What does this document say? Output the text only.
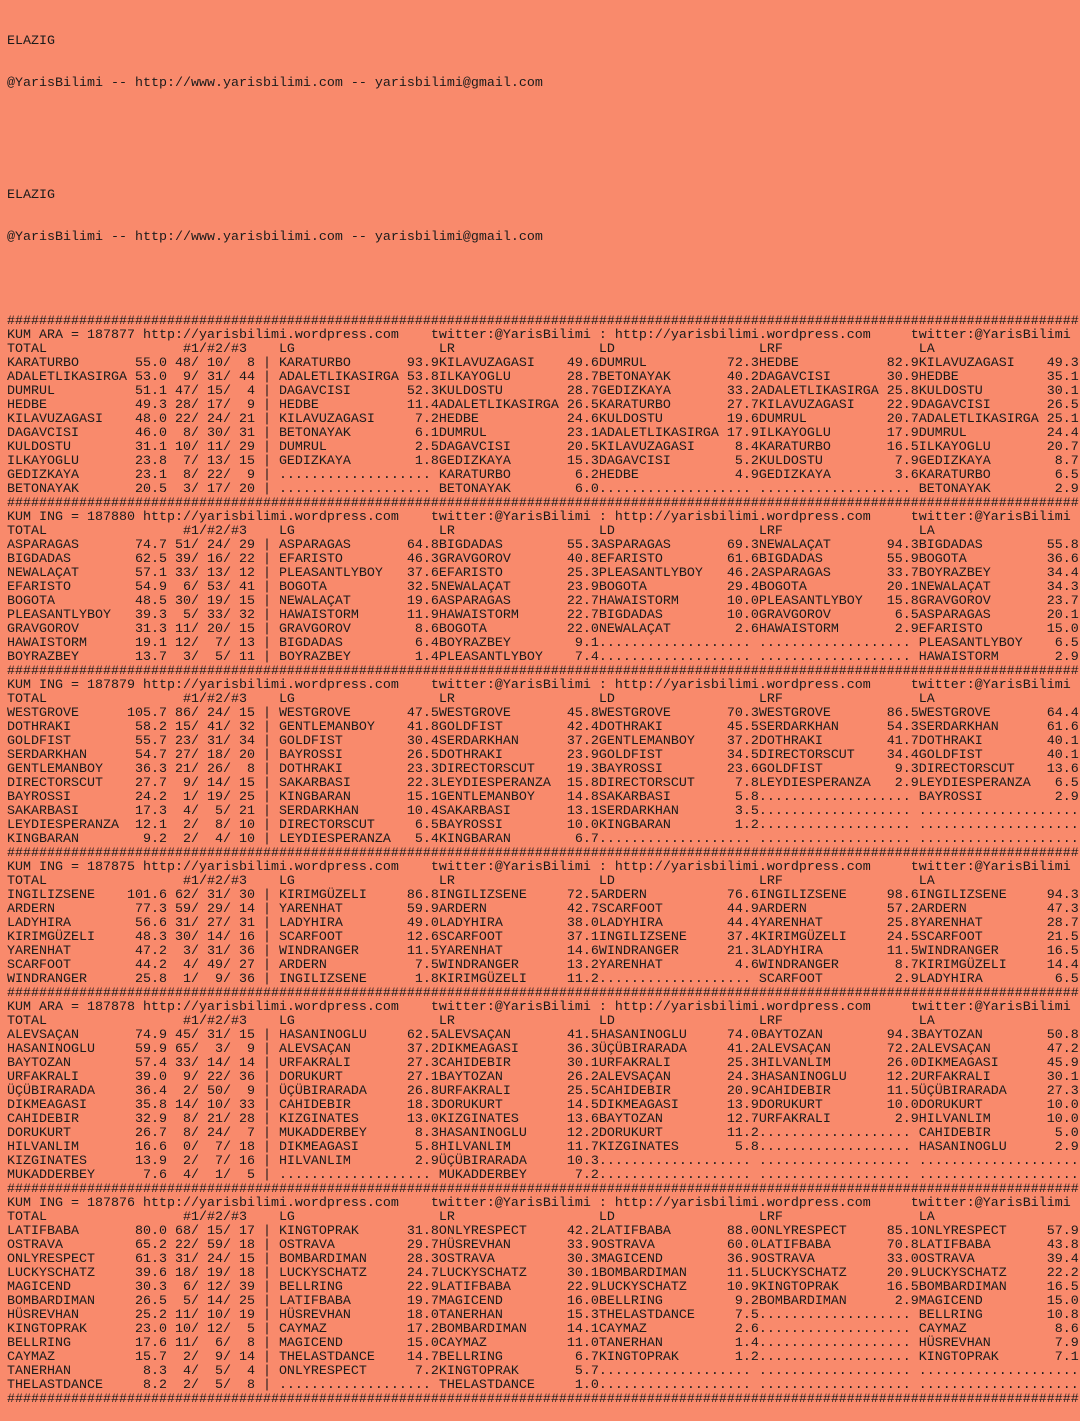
ELAZIG

@YarisBilimi -- http://www.yarisbilimi.com -- yarisbilimi@gmail.com

ELAZIG

@YarisBilimi -- http://www.yarisbilimi.com -- yarisbilimi@gmail.com

######################################################################################################################################
KUM ARA = 187877 http://yarisbilimi.wordpress.com    twitter:@YarisBilimi : http://yarisbilimi.wordpress.com     twitter:@YarisBilimi
TOTAL                 #1/#2/#3    LG                  LR                  LD                  LRF                 LA
KARATURBO       55.0 48/ 10/  8 | KARATURBO       93.9KILAVUZAGASI    49.6DUMRUL          72.3HEDBE           82.9KILAVUZAGASI    49.3
ADALETLIKASIRGA 53.0  9/ 31/ 44 | ADALETLIKASIRGA 53.8ILKAYOGLU       28.7BETONAYAK       40.2DAGAVCISI       30.9HEDBE           35.1
DUMRUL          51.1 47/ 15/  4 | DAGAVCISI       52.3KULDOSTU        28.7GEDIZKAYA       33.2ADALETLIKASIRGA 25.8KULDOSTU        30.1
HEDBE           49.3 28/ 17/  9 | HEDBE           11.4ADALETLIKASIRGA 26.5KARATURBO       27.7KILAVUZAGASI    22.9DAGAVCISI       26.5
KILAVUZAGASI    48.0 22/ 24/ 21 | KILAVUZAGASI     7.2HEDBE           24.6KULDOSTU        19.6DUMRUL          20.7ADALETLIKASIRGA 25.1
DAGAVCISI       46.0  8/ 30/ 31 | BETONAYAK        6.1DUMRUL          23.1ADALETLIKASIRGA 17.9ILKAYOGLU       17.9DUMRUL          24.4
KULDOSTU        31.1 10/ 11/ 29 | DUMRUL           2.5DAGAVCISI       20.5KILAVUZAGASI     8.4KARATURBO       16.5ILKAYOGLU       20.7
ILKAYOGLU       23.8  7/ 13/ 15 | GEDIZKAYA        1.8GEDIZKAYA       15.3DAGAVCISI        5.2KULDOSTU         7.9GEDIZKAYA        8.7
GEDIZKAYA       23.1  8/ 22/  9 | ................... KARATURBO        6.2HEDBE            4.9GEDIZKAYA        3.6KARATURBO        6.5
BETONAYAK       20.5  3/ 17/ 20 | ................... BETONAYAK        6.0................... ................... BETONAYAK        2.9
######################################################################################################################################
KUM ING = 187880 http://yarisbilimi.wordpress.com    twitter:@YarisBilimi : http://yarisbilimi.wordpress.com     twitter:@YarisBilimi
TOTAL                 #1/#2/#3    LG                  LR                  LD                  LRF                 LA
ASPARAGAS       74.7 51/ 24/ 29 | ASPARAGAS       64.8BIGDADAS        55.3ASPARAGAS       69.3NEWALAÇAT       94.3BIGDADAS        55.8
BIGDADAS        62.5 39/ 16/ 22 | EFARISTO        46.3GRAVGOROV       40.8EFARISTO        61.6BIGDADAS        55.9BOGOTA          36.6
NEWALAÇAT       57.1 33/ 13/ 12 | PLEASANTLYBOY   37.6EFARISTO        25.3PLEASANTLYBOY   46.2ASPARAGAS       33.7BOYRAZBEY       34.4
EFARISTO        54.9  6/ 53/ 41 | BOGOTA          32.5NEWALAÇAT       23.9BOGOTA          29.4BOGOTA          20.1NEWALAÇAT       34.3
BOGOTA          48.5 30/ 19/ 15 | NEWALAÇAT       19.6ASPARAGAS       22.7HAWAISTORM      10.0PLEASANTLYBOY   15.8GRAVGOROV       23.7
PLEASANTLYBOY   39.3  5/ 33/ 32 | HAWAISTORM      11.9HAWAISTORM      22.7BIGDADAS        10.0GRAVGOROV        6.5ASPARAGAS       20.1
GRAVGOROV       31.3 11/ 20/ 15 | GRAVGOROV        8.6BOGOTA          22.0NEWALAÇAT        2.6HAWAISTORM       2.9EFARISTO        15.0
HAWAISTORM      19.1 12/  7/ 13 | BIGDADAS         6.4BOYRAZBEY        9.1................... ................... PLEASANTLYBOY    6.5
BOYRAZBEY       13.7  3/  5/ 11 | BOYRAZBEY        1.4PLEASANTLYBOY    7.4................... ................... HAWAISTORM       2.9
######################################################################################################################################
KUM ING = 187879 http://yarisbilimi.wordpress.com    twitter:@YarisBilimi : http://yarisbilimi.wordpress.com     twitter:@YarisBilimi
TOTAL                 #1/#2/#3    LG                  LR                  LD                  LRF                 LA
WESTGROVE      105.7 86/ 24/ 15 | WESTGROVE       47.5WESTGROVE       45.8WESTGROVE       70.3WESTGROVE       86.5WESTGROVE       64.4
DOTHRAKI        58.2 15/ 41/ 32 | GENTLEMANBOY    41.8GOLDFIST        42.4DOTHRAKI        45.5SERDARKHAN      54.3SERDARKHAN      61.6
GOLDFIST        55.7 23/ 31/ 34 | GOLDFIST        30.4SERDARKHAN      37.2GENTLEMANBOY    37.2DOTHRAKI        41.7DOTHRAKI        40.1
SERDARKHAN      54.7 27/ 18/ 20 | BAYROSSI        26.5DOTHRAKI        23.9GOLDFIST        34.5DIRECTORSCUT    34.4GOLDFIST        40.1
GENTLEMANBOY    36.3 21/ 26/  8 | DOTHRAKI        23.3DIRECTORSCUT    19.3BAYROSSI        23.6GOLDFIST         9.3DIRECTORSCUT    13.6
DIRECTORSCUT    27.7  9/ 14/ 15 | SAKARBASI       22.3LEYDIESPERANZA  15.8DIRECTORSCUT     7.8LEYDIESPERANZA   2.9LEYDIESPERANZA   6.5
BAYROSSI        24.2  1/ 19/ 25 | KINGBARAN       15.1GENTLEMANBOY    14.8SAKARBASI        5.8................... BAYROSSI         2.9
SAKARBASI       17.3  4/  5/ 21 | SERDARKHAN      10.4SAKARBASI       13.1SERDARKHAN       3.5................... ....................
LEYDIESPERANZA  12.1  2/  8/ 10 | DIRECTORSCUT     6.5BAYROSSI        10.0KINGBARAN        1.2................... ....................
KINGBARAN        9.2  2/  4/ 10 | LEYDIESPERANZA   5.4KINGBARAN        6.7................... ................... ....................
######################################################################################################################################
KUM ING = 187875 http://yarisbilimi.wordpress.com    twitter:@YarisBilimi : http://yarisbilimi.wordpress.com     twitter:@YarisBilimi
TOTAL                 #1/#2/#3    LG                  LR                  LD                  LRF                 LA
INGILIZSENE    101.6 62/ 31/ 30 | KIRIMGÜZELI     86.8INGILIZSENE     72.5ARDERN          76.6INGILIZSENE     98.6INGILIZSENE     94.3
ARDERN          77.3 59/ 29/ 14 | YARENHAT        59.9ARDERN          42.7SCARFOOT        44.9ARDERN          57.2ARDERN          47.3
LADYHIRA        56.6 31/ 27/ 31 | LADYHIRA        49.0LADYHIRA        38.0LADYHIRA        44.4YARENHAT        25.8YARENHAT        28.7
KIRIMGÜZELI     48.3 30/ 14/ 16 | SCARFOOT        12.6SCARFOOT        37.1INGILIZSENE     37.4KIRIMGÜZELI     24.5SCARFOOT        21.5
YARENHAT        47.2  3/ 31/ 36 | WINDRANGER      11.5YARENHAT        14.6WINDRANGER      21.3LADYHIRA        11.5WINDRANGER      16.5
SCARFOOT        44.2  4/ 49/ 27 | ARDERN           7.5WINDRANGER      13.2YARENHAT         4.6WINDRANGER       8.7KIRIMGÜZELI     14.4
WINDRANGER      25.8  1/  9/ 36 | INGILIZSENE      1.8KIRIMGÜZELI     11.2................... SCARFOOT         2.9LADYHIRA         6.5
######################################################################################################################################
KUM ARA = 187878 http://yarisbilimi.wordpress.com    twitter:@YarisBilimi : http://yarisbilimi.wordpress.com     twitter:@YarisBilimi
TOTAL                 #1/#2/#3    LG                  LR                  LD                  LRF                 LA
ALEVSAÇAN       74.9 45/ 31/ 15 | HASANINOGLU     62.5ALEVSAÇAN       41.5HASANINOGLU     74.0BAYTOZAN        94.3BAYTOZAN        50.8
HASANINOGLU     59.9 65/  3/  9 | ALEVSAÇAN       37.2DIKMEAGASI      36.3ÜÇÜBIRARADA     41.2ALEVSAÇAN       72.2ALEVSAÇAN       47.2
BAYTOZAN        57.4 33/ 14/ 14 | URFAKRALI       27.3CAHIDEBIR       30.1URFAKRALI       25.3HILVANLIM       26.0DIKMEAGASI      45.9
URFAKRALI       39.0  9/ 22/ 36 | DORUKURT        27.1BAYTOZAN        26.2ALEVSAÇAN       24.3HASANINOGLU     12.2URFAKRALI       30.1
ÜÇÜBIRARADA     36.4  2/ 50/  9 | ÜÇÜBIRARADA     26.8URFAKRALI       25.5CAHIDEBIR       20.9CAHIDEBIR       11.5ÜÇÜBIRARADA     27.3
DIKMEAGASI      35.8 14/ 10/ 33 | CAHIDEBIR       18.3DORUKURT        14.5DIKMEAGASI      13.9DORUKURT        10.0DORUKURT        10.0
CAHIDEBIR       32.9  8/ 21/ 28 | KIZGINATES      13.0KIZGINATES      13.6BAYTOZAN        12.7URFAKRALI        2.9HILVANLIM       10.0
DORUKURT        26.7  8/ 24/  7 | MUKADDERBEY      8.3HASANINOGLU     12.2DORUKURT        11.2................... CAHIDEBIR        5.0
HILVANLIM       16.6  0/  7/ 18 | DIKMEAGASI       5.8HILVANLIM       11.7KIZGINATES       5.8................... HASANINOGLU      2.9
KIZGINATES      13.9  2/  7/ 16 | HILVANLIM        2.9ÜÇÜBIRARADA     10.3................... ................... ....................
MUKADDERBEY      7.6  4/  1/  5 | ................... MUKADDERBEY      7.2................... ................... ....................
######################################################################################################################################
KUM ING = 187876 http://yarisbilimi.wordpress.com    twitter:@YarisBilimi : http://yarisbilimi.wordpress.com     twitter:@YarisBilimi
TOTAL                 #1/#2/#3    LG                  LR                  LD                  LRF                 LA
LATIFBABA       80.0 68/ 15/ 17 | KINGTOPRAK      31.8ONLYRESPECT     42.2LATIFBABA       88.0ONLYRESPECT     85.1ONLYRESPECT     57.9
OSTRAVA         65.2 22/ 59/ 18 | OSTRAVA         29.7HÜSREVHAN       33.9OSTRAVA         60.0LATIFBABA       70.8LATIFBABA       43.8
ONLYRESPECT     61.3 31/ 24/ 15 | BOMBARDIMAN     28.3OSTRAVA         30.3MAGICEND        36.9OSTRAVA         33.0OSTRAVA         39.4
LUCKYSCHATZ     39.6 18/ 19/ 18 | LUCKYSCHATZ     24.7LUCKYSCHATZ     30.1BOMBARDIMAN     11.5LUCKYSCHATZ     20.9LUCKYSCHATZ     22.2
MAGICEND        30.3  6/ 12/ 39 | BELLRING        22.9LATIFBABA       22.9LUCKYSCHATZ     10.9KINGTOPRAK      16.5BOMBARDIMAN     16.5
BOMBARDIMAN     26.5  5/ 14/ 25 | LATIFBABA       19.7MAGICEND        16.0BELLRING         9.2BOMBARDIMAN      2.9MAGICEND        15.0
HÜSREVHAN       25.2 11/ 10/ 19 | HÜSREVHAN       18.0TANERHAN        15.3THELASTDANCE     7.5................... BELLRING        10.8
KINGTOPRAK      23.0 10/ 12/  5 | CAYMAZ          17.2BOMBARDIMAN     14.1CAYMAZ           2.6................... CAYMAZ           8.6
BELLRING        17.6 11/  6/  8 | MAGICEND        15.0CAYMAZ          11.0TANERHAN         1.4................... HÜSREVHAN        7.9
CAYMAZ          15.7  2/  9/ 14 | THELASTDANCE    14.7BELLRING         6.7KINGTOPRAK       1.2................... KINGTOPRAK       7.1
TANERHAN         8.3  4/  5/  4 | ONLYRESPECT      7.2KINGTOPRAK       5.7................... ................... ....................
THELASTDANCE     8.2  2/  5/  8 | ................... THELASTDANCE     1.0................... ................... ....................
######################################################################################################################################
